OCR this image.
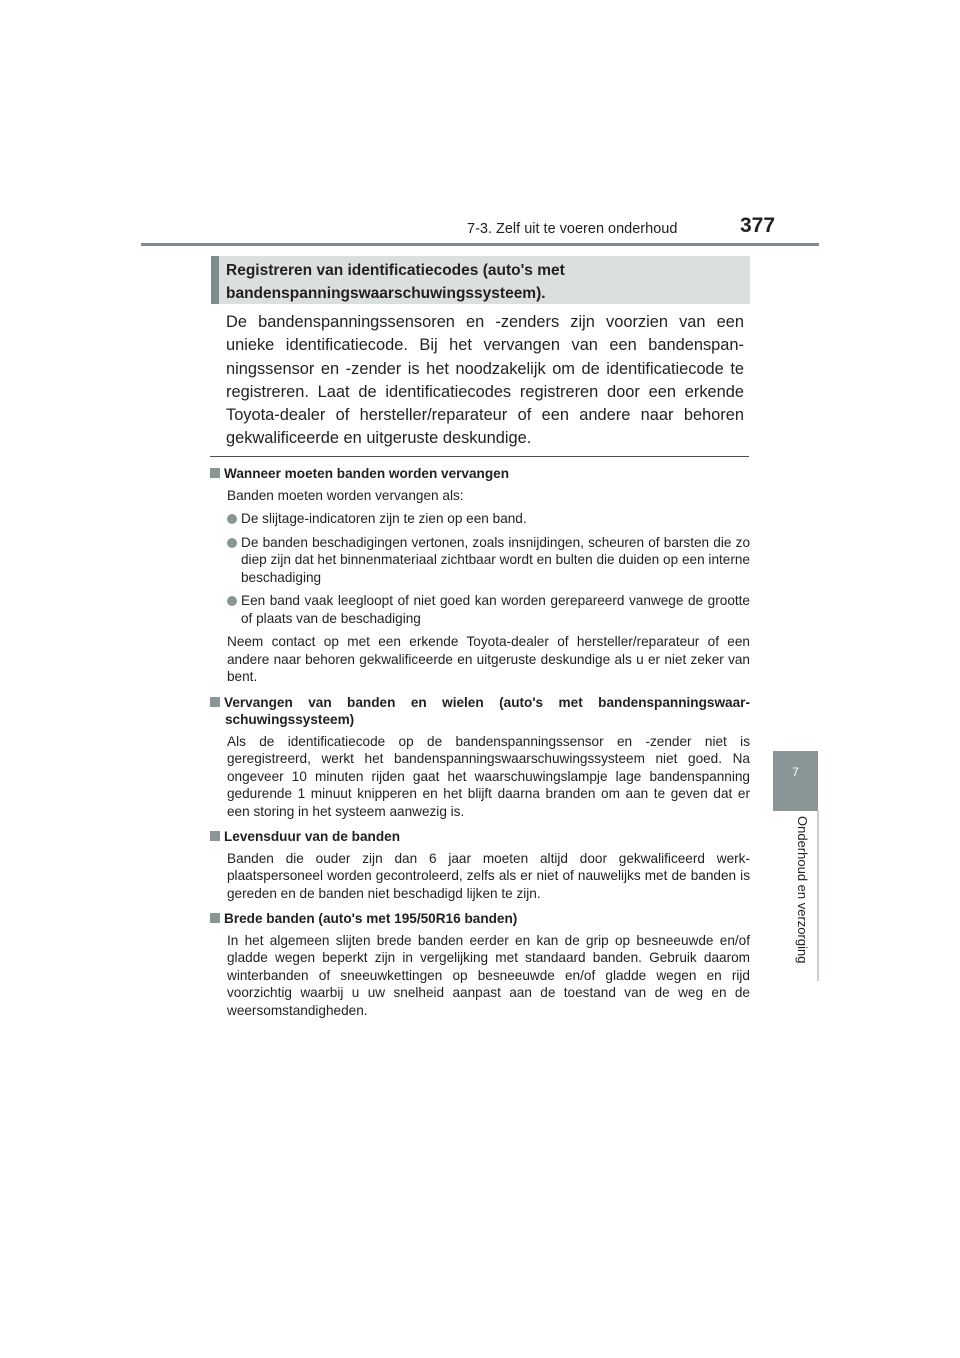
7-3. Zelf uit te voeren onderhoud	377
7
Onderhoud en verzorging
Registreren van identificatiecodes (auto's met
bandenspanningswaarschuwingssysteem).

De bandenspanningssensoren en -zenders zijn voorzien van een unieke identificatiecode. Bij het vervangen van een bandenspanningssensor en -zender is het noodzakelijk om de identificatiecode te registreren. Laat de identificatiecodes registreren door een erkende Toyota-dealer of hersteller/reparateur of een andere naar behoren gekwalificeerde en uitgeruste deskundige.

Wanneer moeten banden worden vervangen

Banden moeten worden vervangen als:

De slijtage-indicatoren zijn te zien op een band.
De banden beschadigingen vertonen, zoals insnijdingen, scheuren of barsten die zo diep zijn dat het binnenmateriaal zichtbaar wordt en bulten die duiden op een interne beschadiging
Een band vaak leegloopt of niet goed kan worden gerepareerd vanwege de grootte of plaats van de beschadiging

Neem contact op met een erkende Toyota-dealer of hersteller/reparateur of een andere naar behoren gekwalificeerde en uitgeruste deskundige als u er niet zeker van bent.

Vervangen van banden en wielen (auto's met bandenspanningswaarschuwingssysteem)

Als de identificatiecode op de bandenspanningssensor en -zender niet is geregistreerd, werkt het bandenspanningswaarschuwingssysteem niet goed. Na ongeveer 10 minuten rijden gaat het waarschuwingslampje lage bandenspanning gedurende 1 minuut knipperen en het blijft daarna branden om aan te geven dat er een storing in het systeem aanwezig is.

Levensduur van de banden

Banden die ouder zijn dan 6 jaar moeten altijd door gekwalificeerd werkplaatspersoneel worden gecontroleerd, zelfs als er niet of nauwelijks met de banden is gereden en de banden niet beschadigd lijken te zijn.

Brede banden (auto's met 195/50R16 banden)

In het algemeen slijten brede banden eerder en kan de grip op besneeuwde en/of gladde wegen beperkt zijn in vergelijking met standaard banden. Gebruik daarom winterbanden of sneeuwkettingen op besneeuwde en/of gladde wegen en rijd voorzichtig waarbij u uw snelheid aanpast aan de toestand van de weg en de weersomstandigheden.
